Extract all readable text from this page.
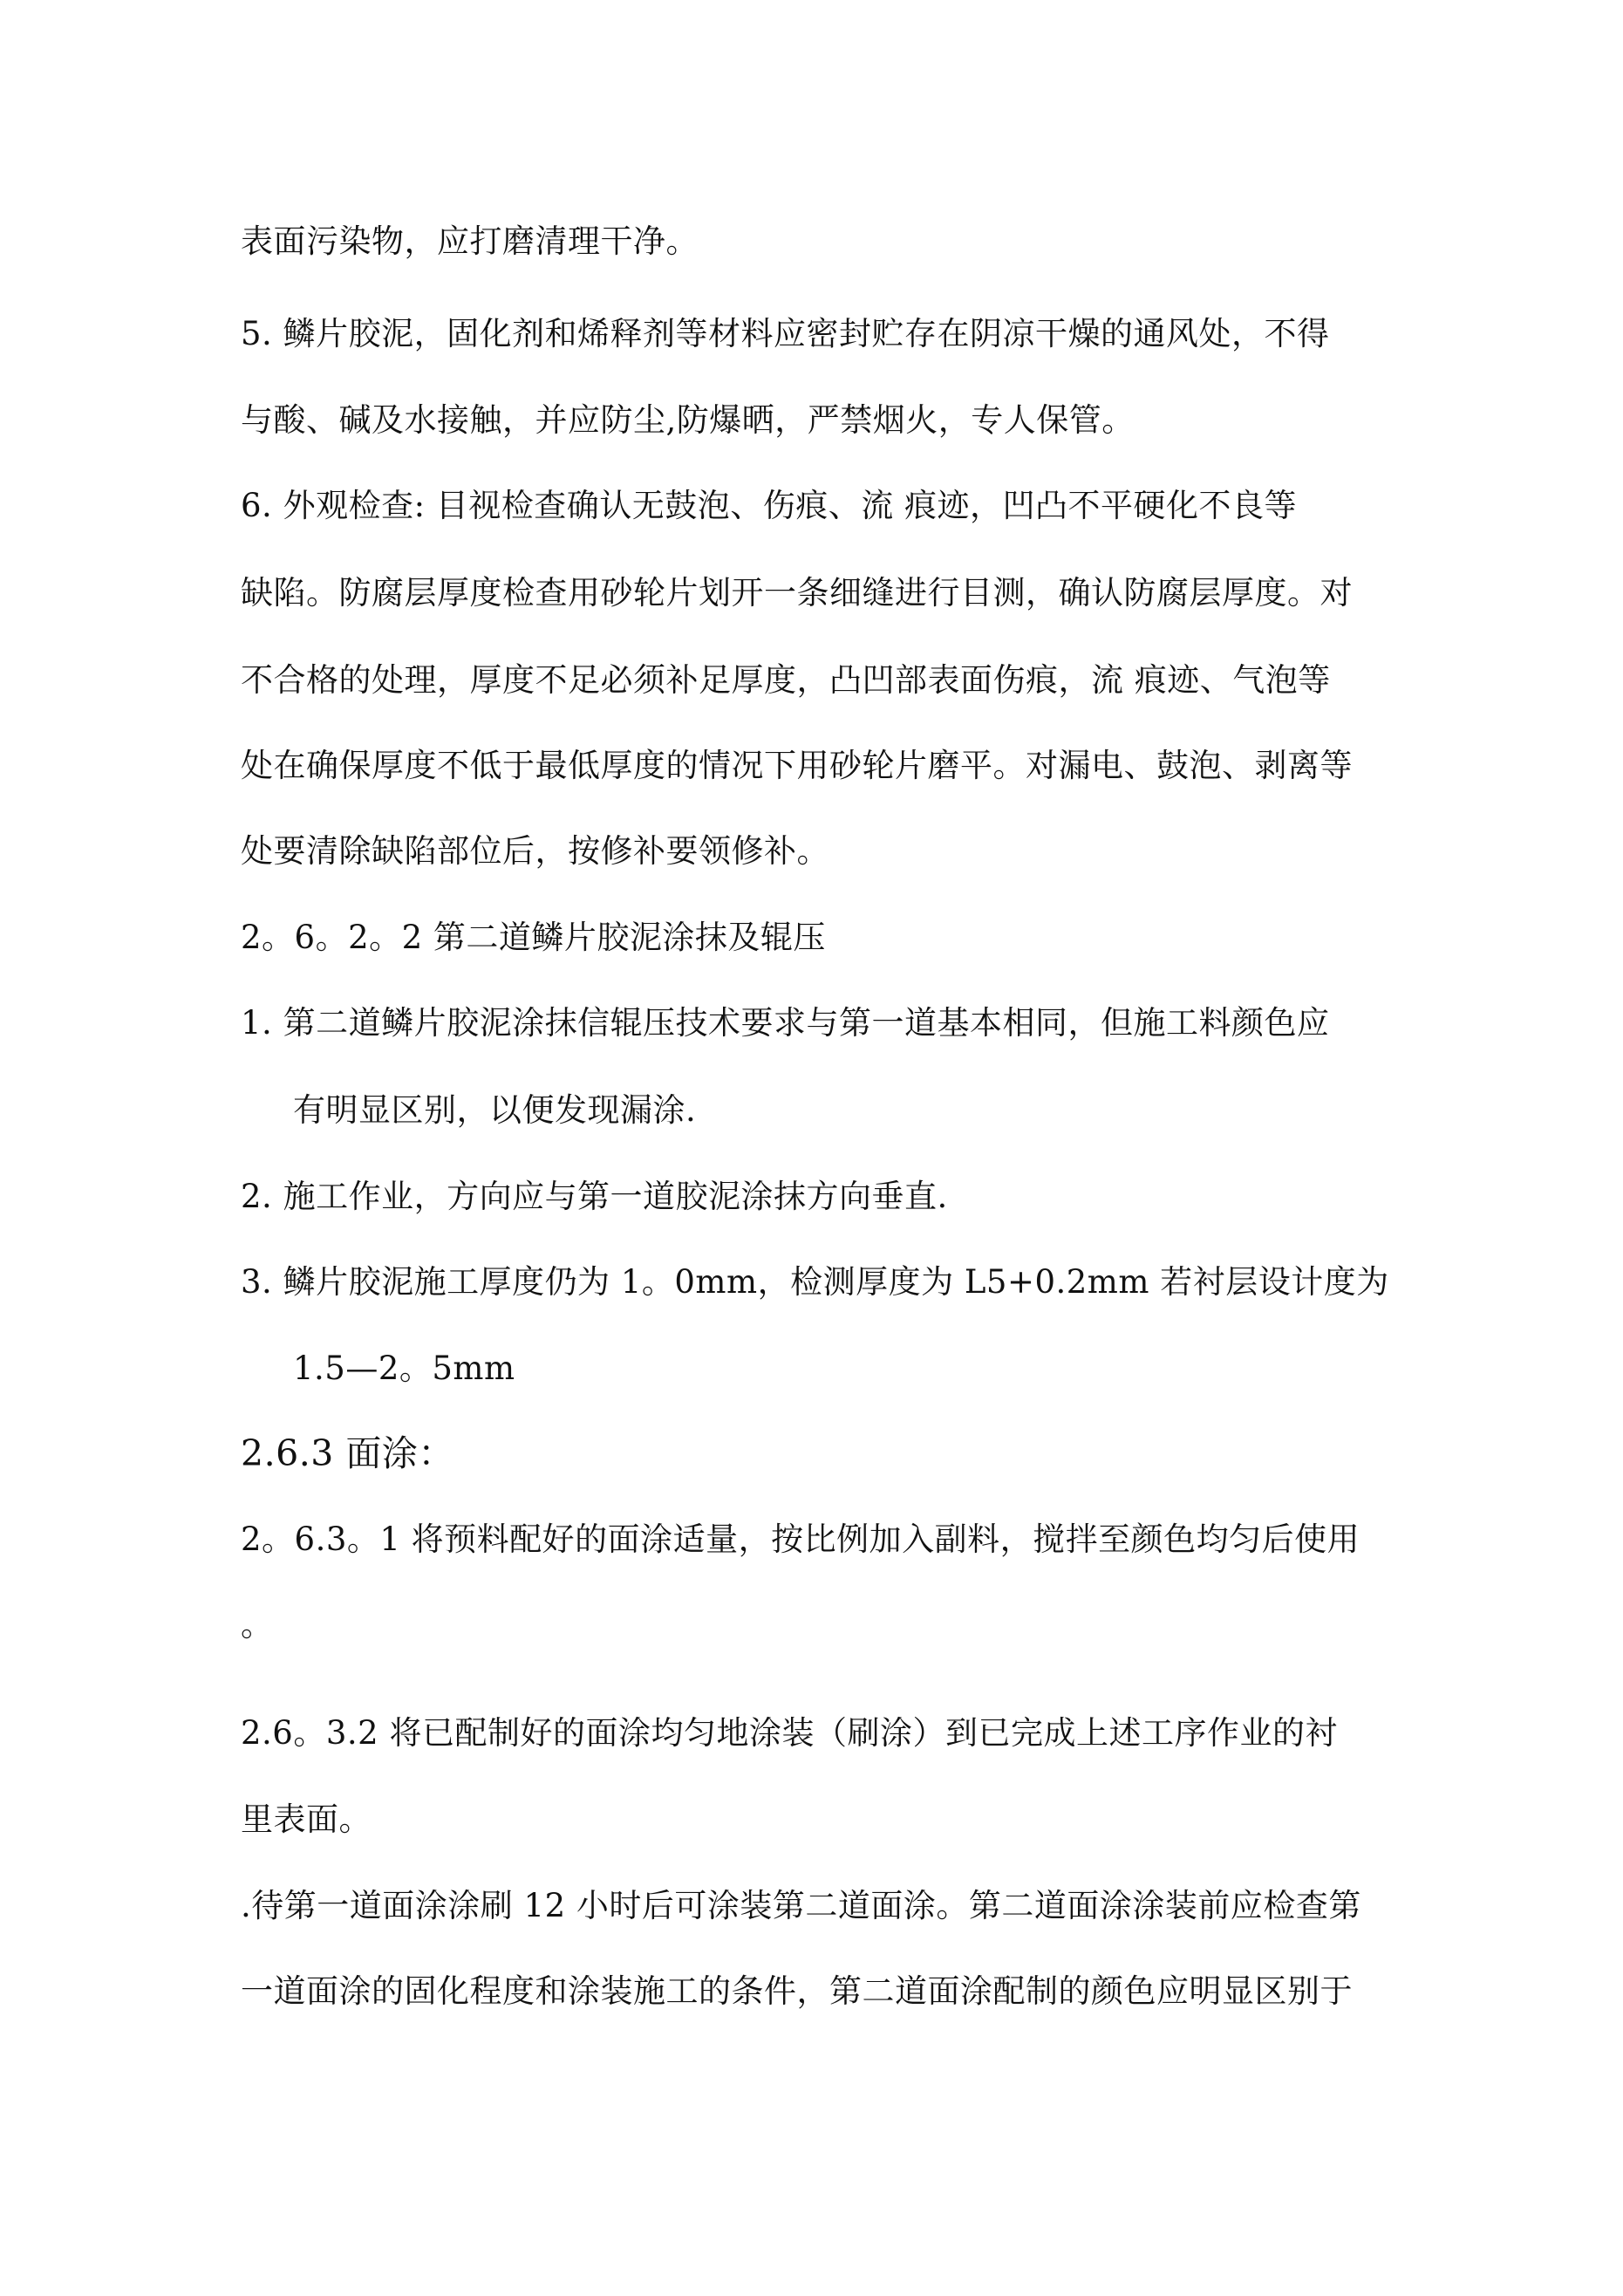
表面污染物，应打磨清理干净。
5. 鳞片胶泥，固化剂和烯释剂等材料应密封贮存在阴凉干燥的通风处，不得
与酸、碱及水接触，并应防尘,防爆晒，严禁烟火，专人保管。
6. 外观检查: 目视检查确认无鼓泡、伤痕、流 痕迹，凹凸不平硬化不良等
缺陷。防腐层厚度检查用砂轮片划开一条细缝进行目测，确认防腐层厚度。对
不合格的处理，厚度不足必须补足厚度，凸凹部表面伤痕，流 痕迹、气泡等
处在确保厚度不低于最低厚度的情况下用砂轮片磨平。对漏电、鼓泡、剥离等
处要清除缺陷部位后，按修补要领修补。
2。6。2。2 第二道鳞片胶泥涂抹及辊压
1. 第二道鳞片胶泥涂抹信辊压技术要求与第一道基本相同，但施工料颜色应
有明显区别，以便发现漏涂.
2. 施工作业，方向应与第一道胶泥涂抹方向垂直.
3. 鳞片胶泥施工厚度仍为 1。0mm，检测厚度为 L5+0.2mm 若衬层设计度为
1.5—2。5mm
2.6.3 面涂：
2。6.3。1 将预料配好的面涂适量，按比例加入副料，搅拌至颜色均匀后使用
。
2.6。3.2 将已配制好的面涂均匀地涂装（刷涂）到已完成上述工序作业的衬
里表面。
.待第一道面涂涂刷 12 小时后可涂装第二道面涂。第二道面涂涂装前应检查第
一道面涂的固化程度和涂装施工的条件，第二道面涂配制的颜色应明显区别于
